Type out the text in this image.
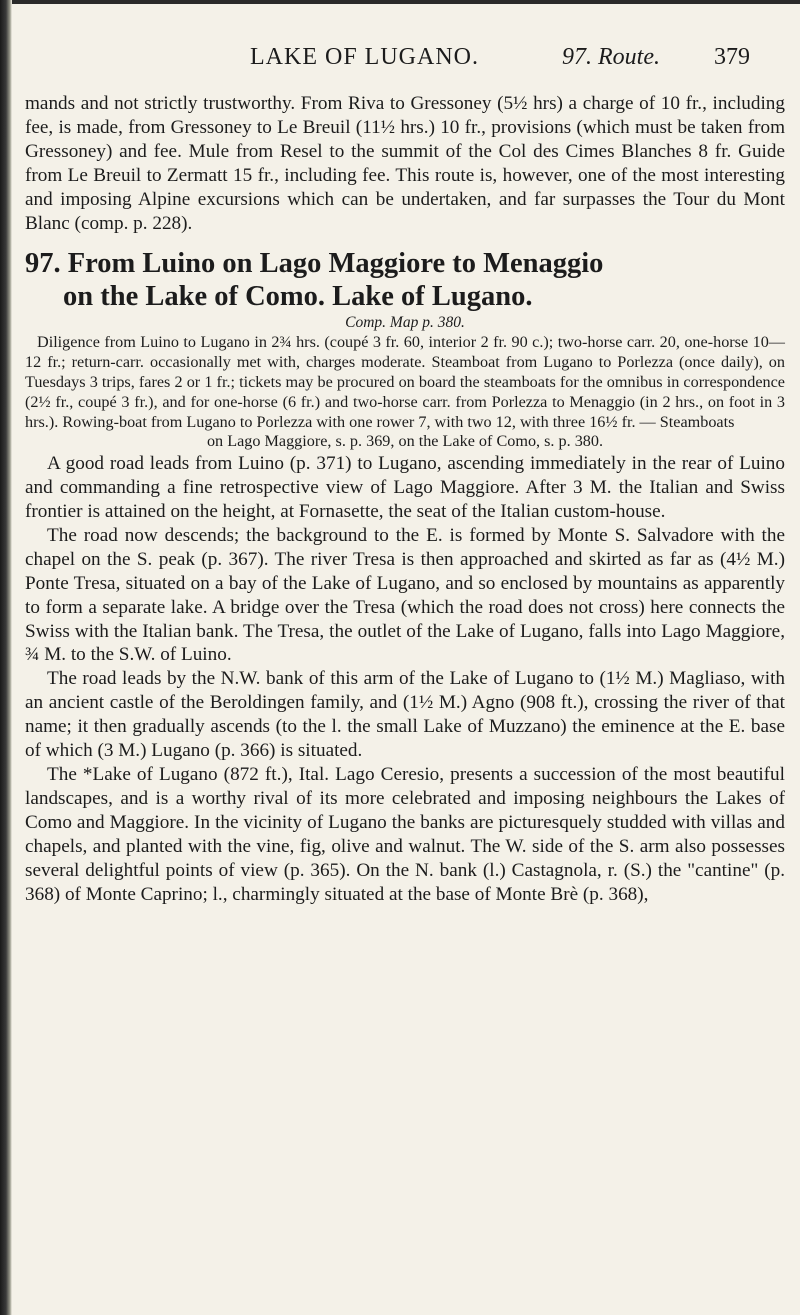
LAKE OF LUGANO.	97. Route. 379

mands and not strictly trustworthy. From Riva to Gressoney (5½ hrs) a charge of 10 fr., including fee, is made, from Gressoney to Le Breuil (11½ hrs.) 10 fr., provisions (which must be taken from Gressoney) and fee. Mule from Resel to the summit of the Col des Cimes Blanches 8 fr. Guide from Le Breuil to Zermatt 15 fr., including fee. This route is, however, one of the most interesting and imposing Alpine excursions which can be undertaken, and far surpasses the Tour du Mont Blanc (comp. p. 228).

97. From Luino on Lago Maggiore to Menaggio
on the Lake of Como. Lake of Lugano.

Comp. Map p. 380.

Diligence from Luino to Lugano in 2¾ hrs. (coupé 3 fr. 60, interior 2 fr. 90 c.); two-horse carr. 20, one-horse 10—12 fr.; return-carr. occasionally met with, charges moderate. Steamboat from Lugano to Porlezza (once daily), on Tuesdays 3 trips, fares 2 or 1 fr.; tickets may be procured on board the steamboats for the omnibus in correspondence (2½ fr., coupé 3 fr.), and for one-horse (6 fr.) and two-horse carr. from Porlezza to Menaggio (in 2 hrs., on foot in 3 hrs.). Rowing-boat from Lugano to Porlezza with one rower 7, with two 12, with three 16½ fr. — Steamboats
on Lago Maggiore, s. p. 369, on the Lake of Como, s. p. 380.

A good road leads from Luino (p. 371) to Lugano, ascending immediately in the rear of Luino and commanding a fine retrospective view of Lago Maggiore. After 3 M. the Italian and Swiss frontier is attained on the height, at Fornasette, the seat of the Italian custom-house.

The road now descends; the background to the E. is formed by Monte S. Salvadore with the chapel on the S. peak (p. 367). The river Tresa is then approached and skirted as far as (4½ M.) Ponte Tresa, situated on a bay of the Lake of Lugano, and so enclosed by mountains as apparently to form a separate lake. A bridge over the Tresa (which the road does not cross) here connects the Swiss with the Italian bank. The Tresa, the outlet of the Lake of Lugano, falls into Lago Maggiore, ¾ M. to the S.W. of Luino.

The road leads by the N.W. bank of this arm of the Lake of Lugano to (1½ M.) Magliaso, with an ancient castle of the Beroldingen family, and (1½ M.) Agno (908 ft.), crossing the river of that name; it then gradually ascends (to the l. the small Lake of Muzzano) the eminence at the E. base of which (3 M.) Lugano (p. 366) is situated.

The *Lake of Lugano (872 ft.), Ital. Lago Ceresio, presents a succession of the most beautiful landscapes, and is a worthy rival of its more celebrated and imposing neighbours the Lakes of Como and Maggiore. In the vicinity of Lugano the banks are picturesquely studded with villas and chapels, and planted with the vine, fig, olive and walnut. The W. side of the S. arm also possesses several delightful points of view (p. 365). On the N. bank (l.) Castagnola, r. (S.) the "cantine" (p. 368) of Monte Caprino; l., charmingly situated at the base of Monte Brè (p. 368),
